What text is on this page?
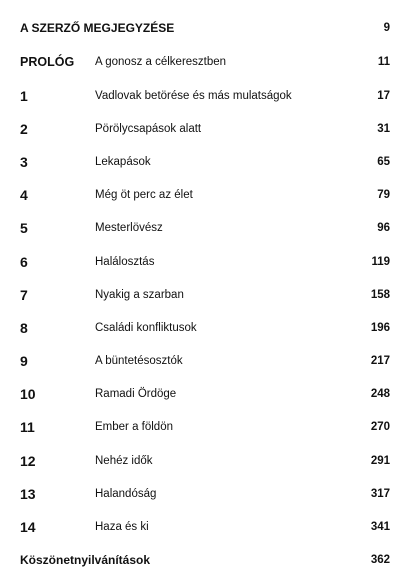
A SZERZŐ MEGJEGYZÉSE	9
PROLÓG A gonosz a célkeresztben	11
1	Vadlovak betörése és más mulatságok	17
2	Pörölycsapások alatt	31
3	Lekapások	65
4	Még öt perc az élet	79
5	Mesterlövész	96
6	Halálosztás	119
7	Nyakig a szarban	158
8	Családi konfliktusok	196
9	A büntetésosztók	217
10	Ramadi Ördöge	248
11	Ember a földön	270
12	Nehéz idők	291
13	Halandóság	317
14	Haza és ki	341
Köszönetnyilvánítások	362
